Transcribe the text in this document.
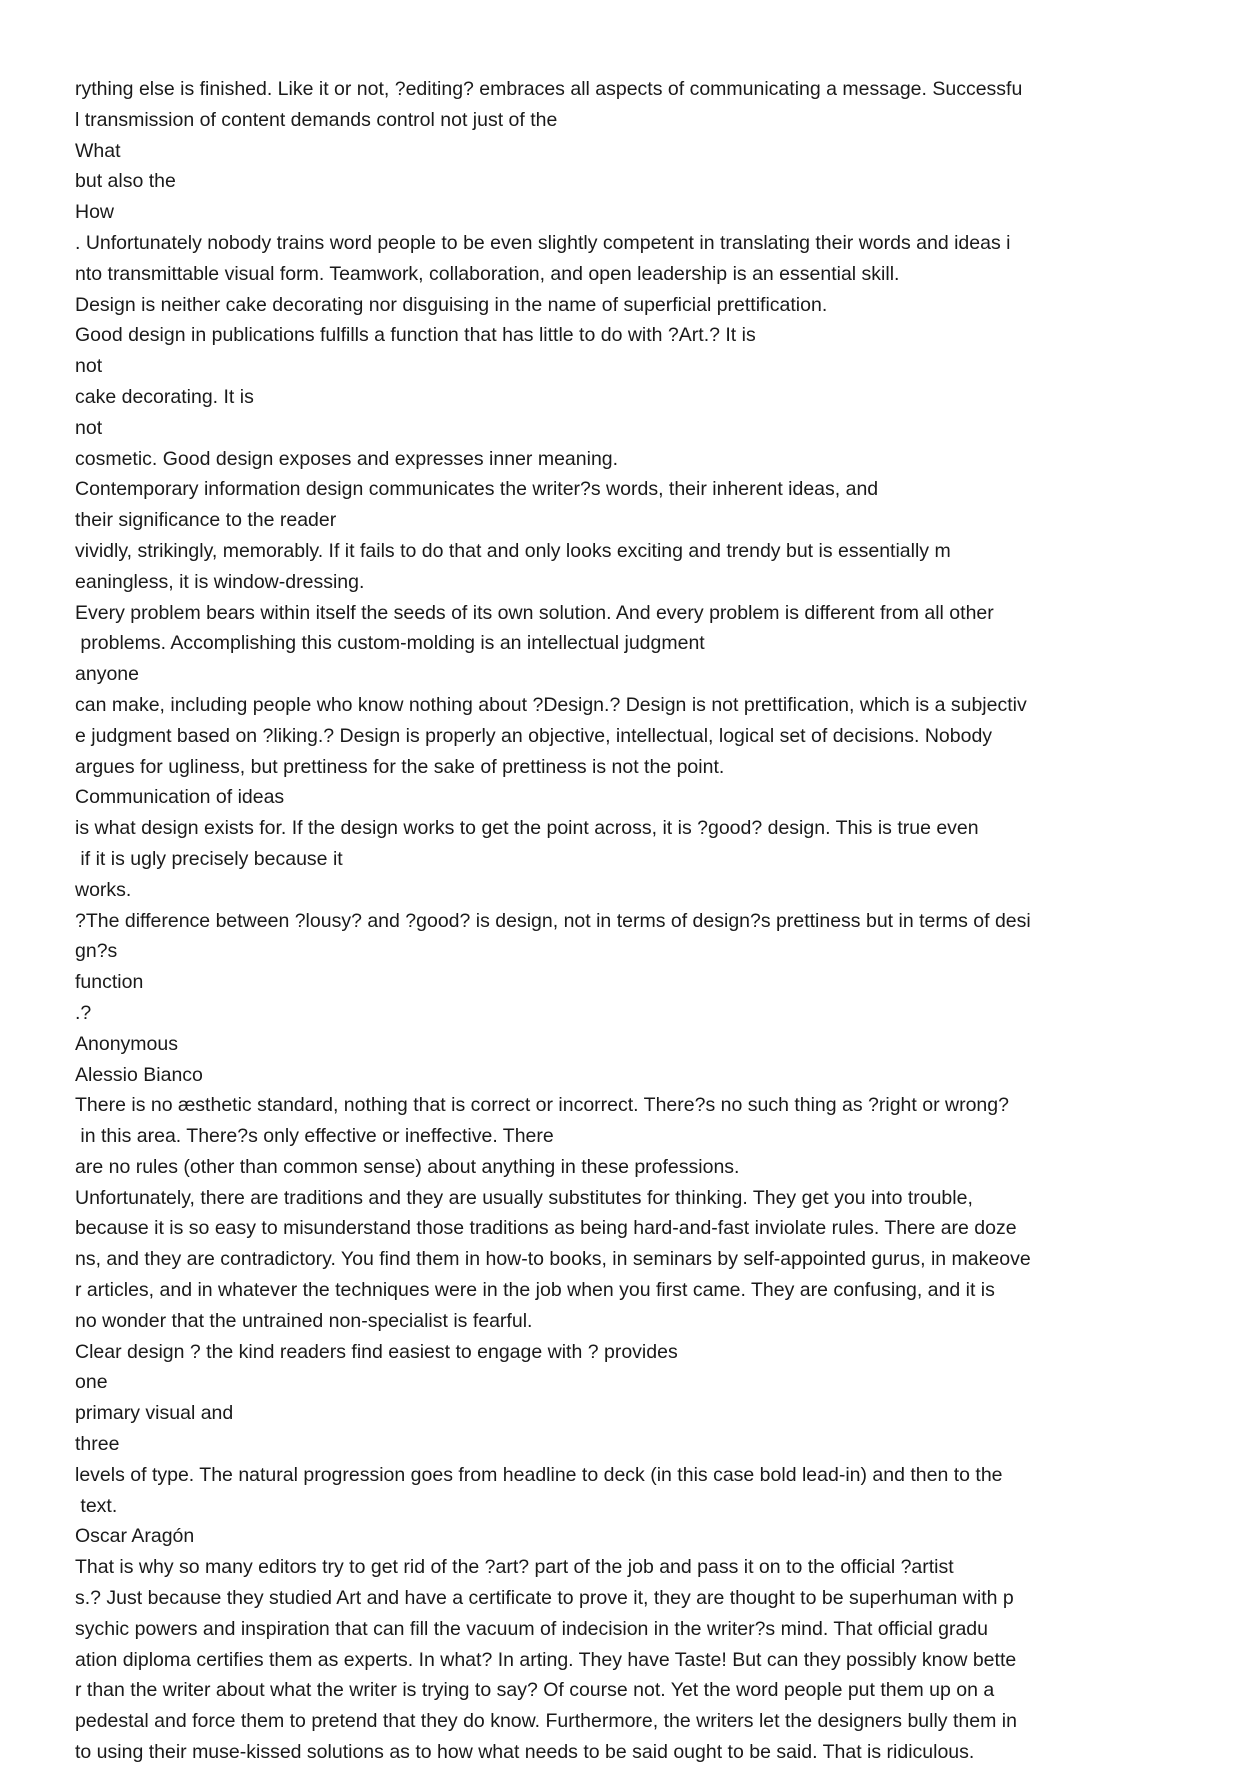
rything else is finished. Like it or not, ?editing? embraces all aspects of communicating a message. Successfu
l transmission of content demands control not just of the
What
but also the
How
. Unfortunately nobody trains word people to be even slightly competent in translating their words and ideas i
nto transmittable visual form. Teamwork, collaboration, and open leadership is an essential skill.
Design is neither cake decorating nor disguising in the name of superficial prettification.
Good design in publications fulfills a function that has little to do with ?Art.? It is
not
cake decorating. It is
not
cosmetic. Good design exposes and expresses inner meaning.
Contemporary information design communicates the writer?s words, their inherent ideas, and
their significance to the reader
vividly, strikingly, memorably. If it fails to do that and only looks exciting and trendy but is essentially m
eaningless, it is window-dressing.
Every problem bears within itself the seeds of its own solution. And every problem is different from all other
problems. Accomplishing this custom-molding is an intellectual judgment
anyone
can make, including people who know nothing about ?Design.? Design is not prettification, which is a subjectiv
e judgment based on ?liking.? Design is properly an objective, intellectual, logical set of decisions. Nobody
argues for ugliness, but prettiness for the sake of prettiness is not the point.
Communication of ideas
is what design exists for. If the design works to get the point across, it is ?good? design. This is true even
if it is ugly precisely because it
works.
?The difference between ?lousy? and ?good? is design, not in terms of design?s prettiness but in terms of desi
gn?s
function
.?
Anonymous
Alessio Bianco
There is no æsthetic standard, nothing that is correct or incorrect. There?s no such thing as ?right or wrong?
in this area. There?s only effective or ineffective. There
are no rules (other than common sense) about anything in these professions.
Unfortunately, there are traditions and they are usually substitutes for thinking. They get you into trouble,
because it is so easy to misunderstand those traditions as being hard-and-fast inviolate rules. There are doze
ns, and they are contradictory. You find them in how-to books, in seminars by self-appointed gurus, in makeove
r articles, and in whatever the techniques were in the job when you first came. They are confusing, and it is
no wonder that the untrained non-specialist is fearful.
Clear design ? the kind readers find easiest to engage with ? provides
one
primary visual and
three
levels of type. The natural progression goes from headline to deck (in this case bold lead-in) and then to the
text.
Oscar Aragón
That is why so many editors try to get rid of the ?art? part of the job and pass it on to the official ?artist
s.? Just because they studied Art and have a certificate to prove it, they are thought to be superhuman with p
sychic powers and inspiration that can fill the vacuum of indecision in the writer?s mind. That official gradu
ation diploma certifies them as experts. In what? In arting. They have Taste! But can they possibly know bette
r than the writer about what the writer is trying to say? Of course not. Yet the word people put them up on a
pedestal and force them to pretend that they do know. Furthermore, the writers let the designers bully them in
to using their muse-kissed solutions as to how what needs to be said ought to be said. That is ridiculous.
